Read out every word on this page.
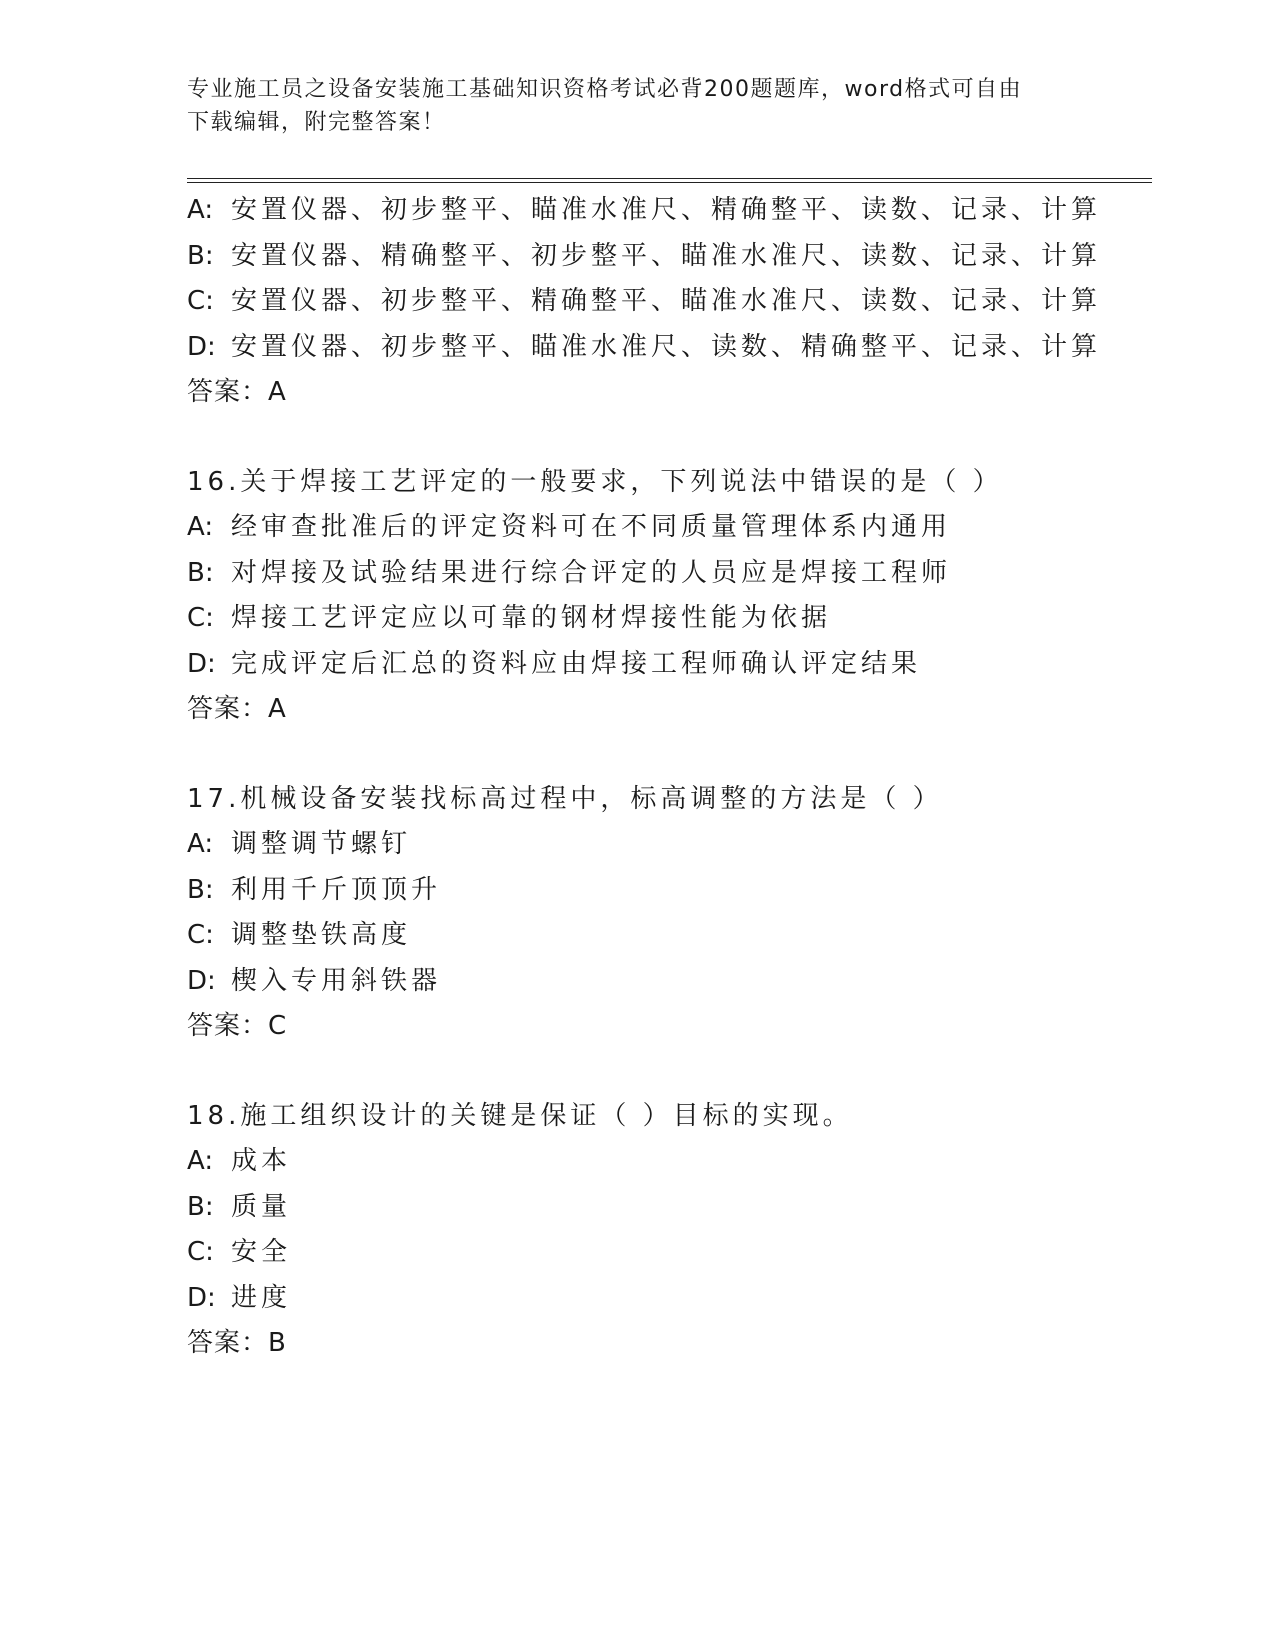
专业施工员之设备安装施工基础知识资格考试必背200题题库，word格式可自由
下载编辑，附完整答案！
A: 安置仪器、初步整平、瞄准水准尺、精确整平、读数、记录、计算
B: 安置仪器、精确整平、初步整平、瞄准水准尺、读数、记录、计算
C: 安置仪器、初步整平、精确整平、瞄准水准尺、读数、记录、计算
D: 安置仪器、初步整平、瞄准水准尺、读数、精确整平、记录、计算
答案：A
16.关于焊接工艺评定的一般要求，下列说法中错误的是（ ）
A: 经审查批准后的评定资料可在不同质量管理体系内通用
B: 对焊接及试验结果进行综合评定的人员应是焊接工程师
C: 焊接工艺评定应以可靠的钢材焊接性能为依据
D: 完成评定后汇总的资料应由焊接工程师确认评定结果
答案：A
17.机械设备安装找标高过程中，标高调整的方法是（ ）
A: 调整调节螺钉
B: 利用千斤顶顶升
C: 调整垫铁高度
D: 楔入专用斜铁器
答案：C
18.施工组织设计的关键是保证（ ）目标的实现。
A: 成本
B: 质量
C: 安全
D: 进度
答案：B
